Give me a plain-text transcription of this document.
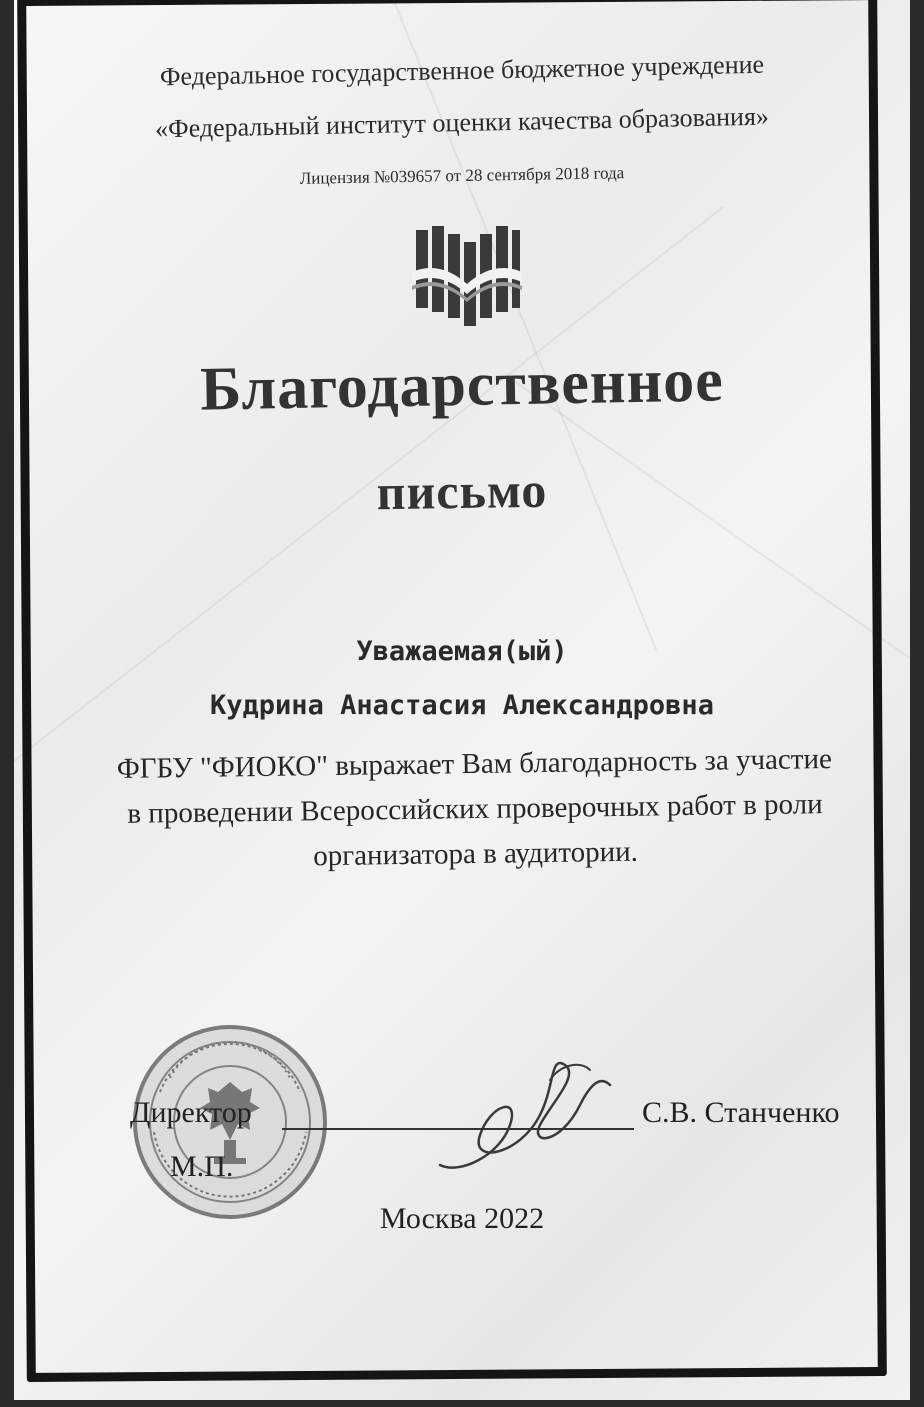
Федеральное государственное бюджетное учреждение
«Федеральный институт оценки качества образования»
Лицензия №039657 от 28 сентября 2018 года
Благодарственное
письмо
Уважаемая(ый)
Кудрина Анастасия Александровна
ФГБУ "ФИОКО" выражает Вам благодарность за участие
в проведении Всероссийских проверочных работ в роли
организатора в аудитории.
Директор	С.В. Станченко
М.П.
Москва 2022
